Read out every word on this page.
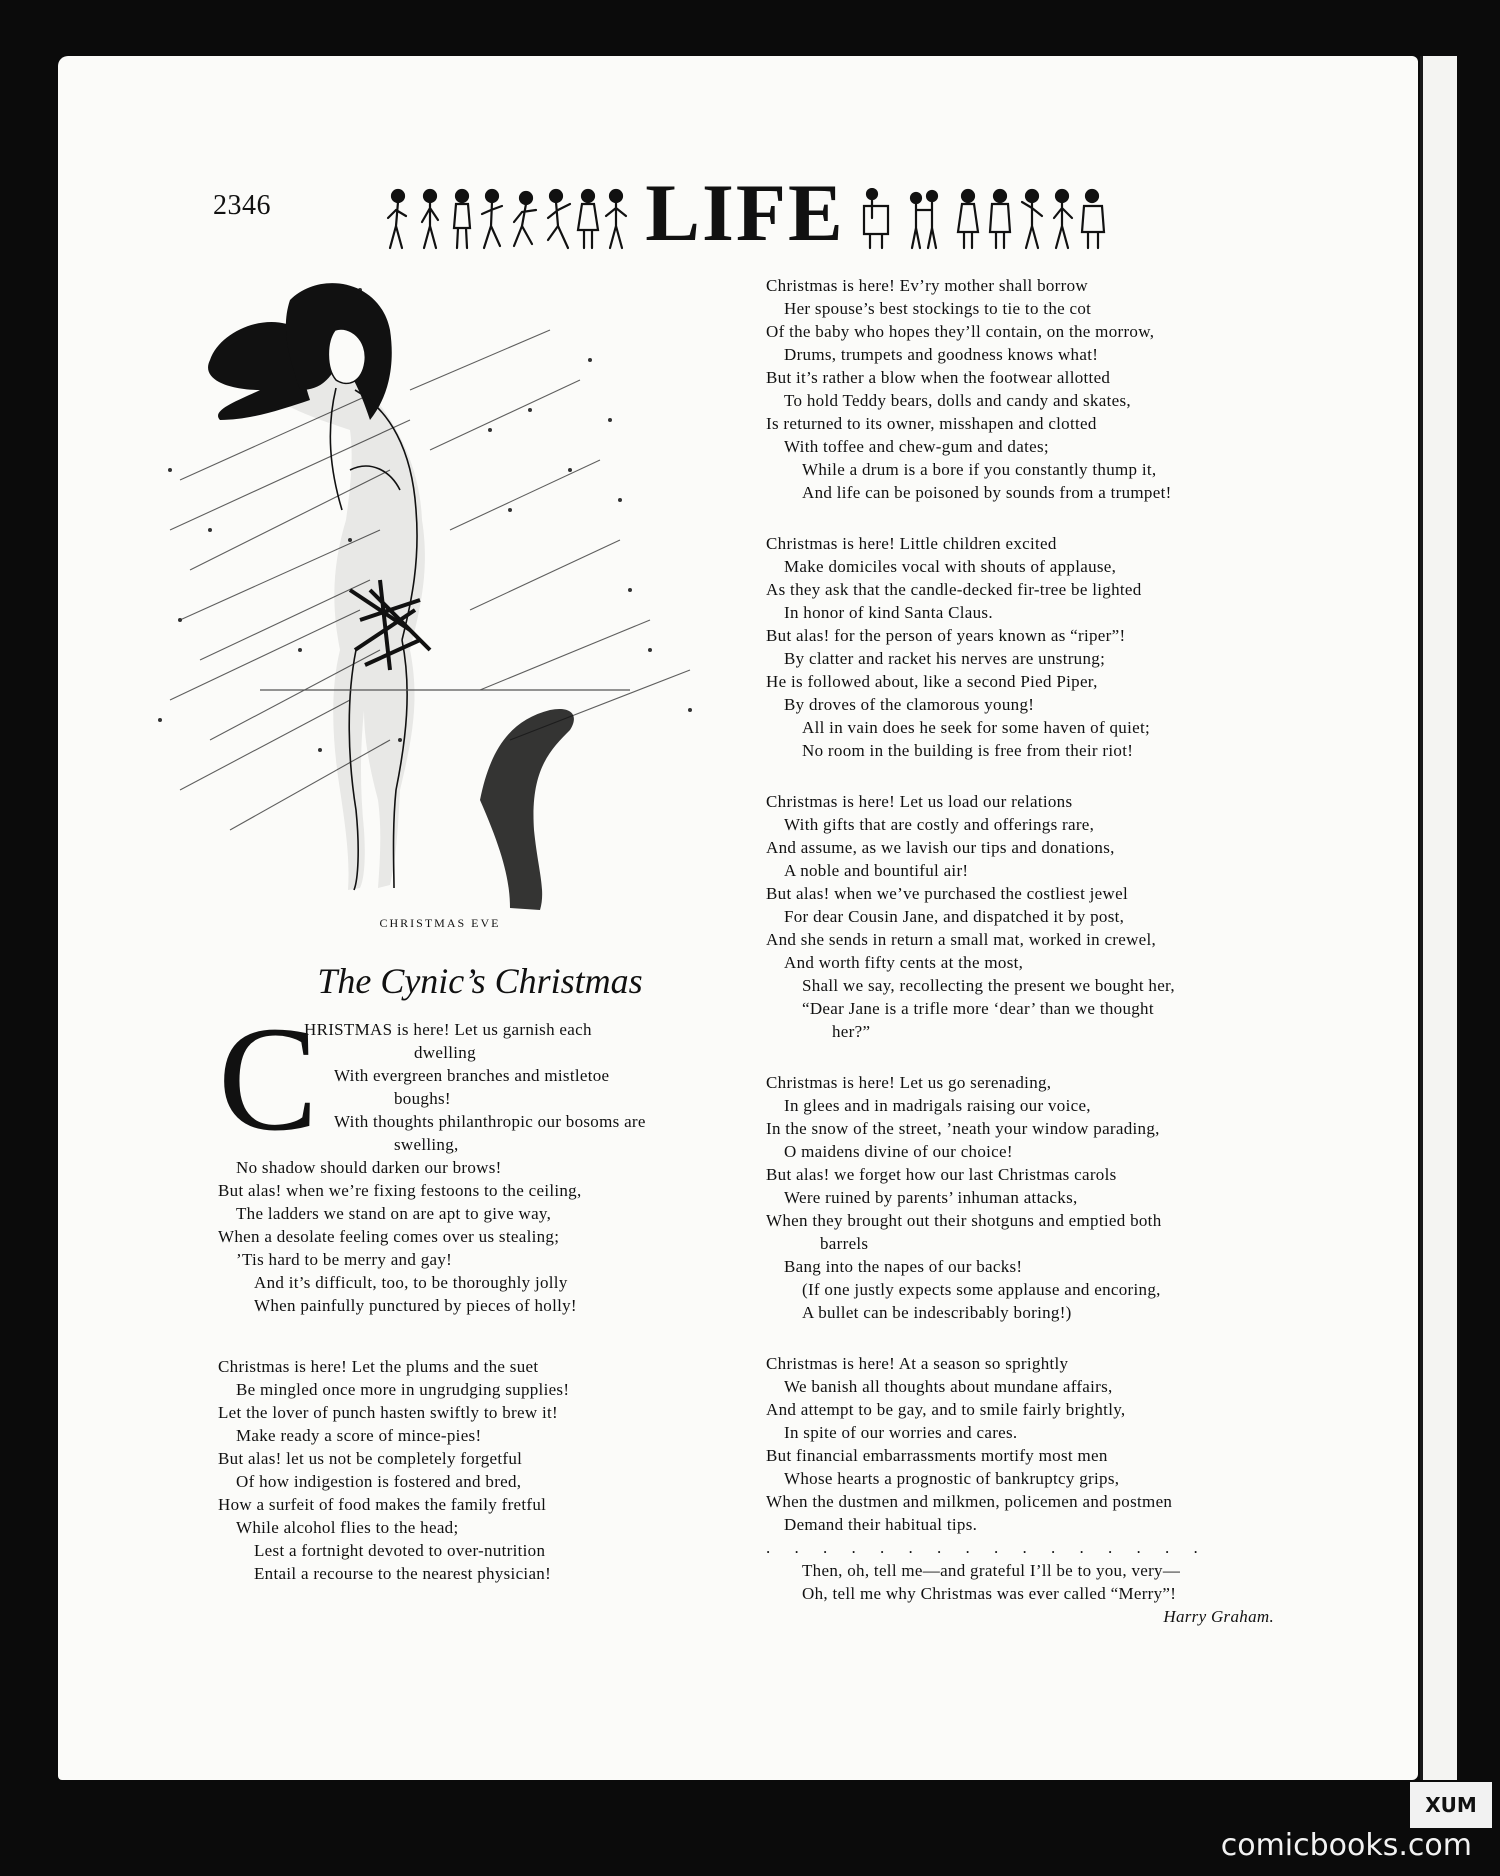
2346	LIFE
CHRISTMAS EVE
The Cynic’s Christmas
C
HRISTMAS is here! Let us garnish each
dwelling
With evergreen branches and mistletoe
boughs!
With thoughts philanthropic our bosoms are
swelling,
No shadow should darken our brows!
But alas! when we’re fixing festoons to the ceiling,
The ladders we stand on are apt to give way,
When a desolate feeling comes over us stealing;
’Tis hard to be merry and gay!
And it’s difficult, too, to be thoroughly jolly
When painfully punctured by pieces of holly!
Christmas is here! Let the plums and the suet
Be mingled once more in ungrudging supplies!
Let the lover of punch hasten swiftly to brew it!
Make ready a score of mince-pies!
But alas! let us not be completely forgetful
Of how indigestion is fostered and bred,
How a surfeit of food makes the family fretful
While alcohol flies to the head;
Lest a fortnight devoted to over-nutrition
Entail a recourse to the nearest physician!
Christmas is here! Ev’ry mother shall borrow
Her spouse’s best stockings to tie to the cot
Of the baby who hopes they’ll contain, on the morrow,
Drums, trumpets and goodness knows what!
But it’s rather a blow when the footwear allotted
To hold Teddy bears, dolls and candy and skates,
Is returned to its owner, misshapen and clotted
With toffee and chew-gum and dates;
While a drum is a bore if you constantly thump it,
And life can be poisoned by sounds from a trumpet!
Christmas is here! Little children excited
Make domiciles vocal with shouts of applause,
As they ask that the candle-decked fir-tree be lighted
In honor of kind Santa Claus.
But alas! for the person of years known as “riper”!
By clatter and racket his nerves are unstrung;
He is followed about, like a second Pied Piper,
By droves of the clamorous young!
All in vain does he seek for some haven of quiet;
No room in the building is free from their riot!
Christmas is here! Let us load our relations
With gifts that are costly and offerings rare,
And assume, as we lavish our tips and donations,
A noble and bountiful air!
But alas! when we’ve purchased the costliest jewel
For dear Cousin Jane, and dispatched it by post,
And she sends in return a small mat, worked in crewel,
And worth fifty cents at the most,
Shall we say, recollecting the present we bought her,
“Dear Jane is a trifle more ‘dear’ than we thought
her?”
Christmas is here! Let us go serenading,
In glees and in madrigals raising our voice,
In the snow of the street, ’neath your window parading,
O maidens divine of our choice!
But alas! we forget how our last Christmas carols
Were ruined by parents’ inhuman attacks,
When they brought out their shotguns and emptied both
barrels
Bang into the napes of our backs!
(If one justly expects some applause and encoring,
A bullet can be indescribably boring!)
Christmas is here! At a season so sprightly
We banish all thoughts about mundane affairs,
And attempt to be gay, and to smile fairly brightly,
In spite of our worries and cares.
But financial embarrassments mortify most men
Whose hearts a prognostic of bankruptcy grips,
When the dustmen and milkmen, policemen and postmen
Demand their habitual tips.
. . . . . . . . . . . . . . . .
Then, oh, tell me—and grateful I’ll be to you, very—
Oh, tell me why Christmas was ever called “Merry”!
Harry Graham.
XUM
comicbooks.com
